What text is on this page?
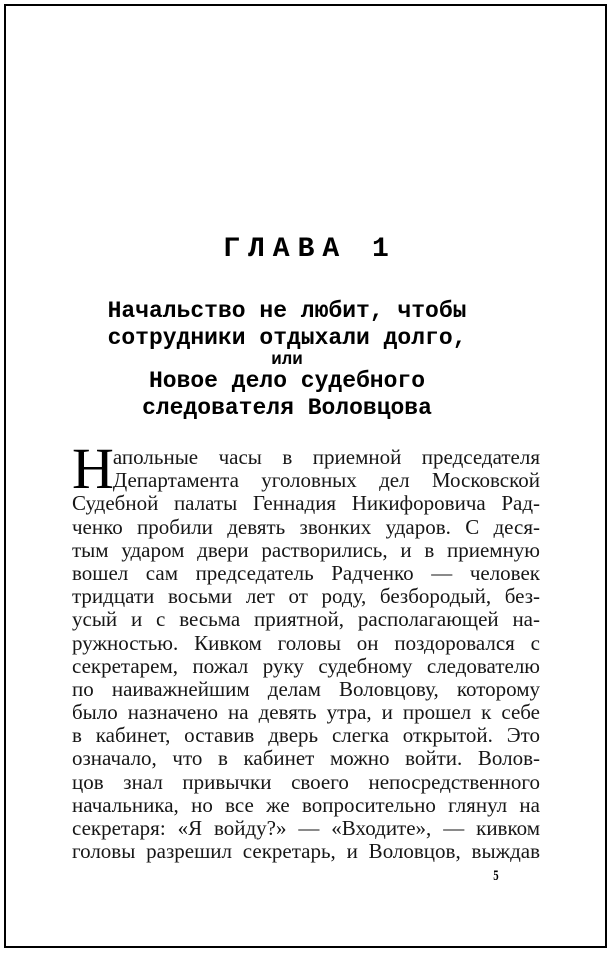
ГЛАВА 1
Начальство не любит, чтобы
сотрудники отдыхали долго,
или
Новое дело судебного
следователя Воловцова
Н апольные часы в приемной председателя
Департамента уголовных дел Московской
Судебной палаты Геннадия Никифоровича Рад-
ченко пробили девять звонких ударов. С деся-
тым ударом двери растворились, и в приемную
вошел сам председатель Радченко — человек
тридцати восьми лет от роду, безбородый, без-
усый и с весьма приятной, располагающей на-
ружностью. Кивком головы он поздоровался с
секретарем, пожал руку судебному следователю
по наиважнейшим делам Воловцову, которому
было назначено на девять утра, и прошел к себе
в кабинет, оставив дверь слегка открытой. Это
означало, что в кабинет можно войти. Волов-
цов знал привычки своего непосредственного
начальника, но все же вопросительно глянул на
секретаря: «Я войду?» — «Входите», — кивком
головы разрешил секретарь, и Воловцов, выждав
5
